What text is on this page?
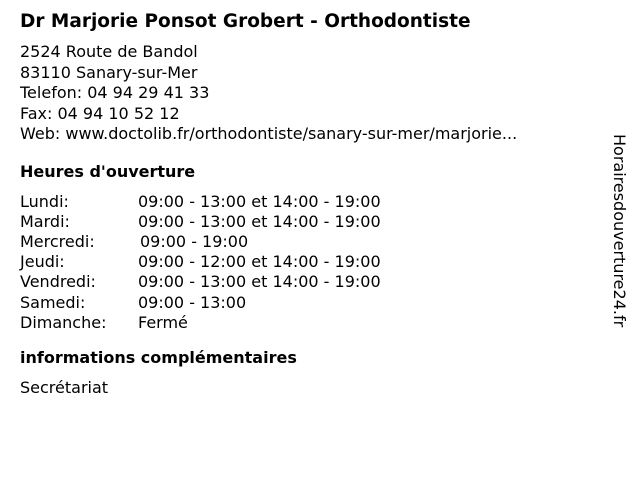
Dr Marjorie Ponsot Grobert - Orthodontiste
2524 Route de Bandol
83110 Sanary-sur-Mer
Telefon: 04 94 29 41 33
Fax: 04 94 10 52 12
Web: www.doctolib.fr/orthodontiste/sanary-sur-mer/marjorie...
Heures d'ouverture
Lundi:	09:00 - 13:00 et 14:00 - 19:00
Mardi:	09:00 - 13:00 et 14:00 - 19:00
Mercredi:	09:00 - 19:00
Jeudi:	09:00 - 12:00 et 14:00 - 19:00
Vendredi:	09:00 - 13:00 et 14:00 - 19:00
Samedi:	09:00 - 13:00
Dimanche:	Fermé
informations complémentaires
Secrétariat
Horairesdouverture24.fr
